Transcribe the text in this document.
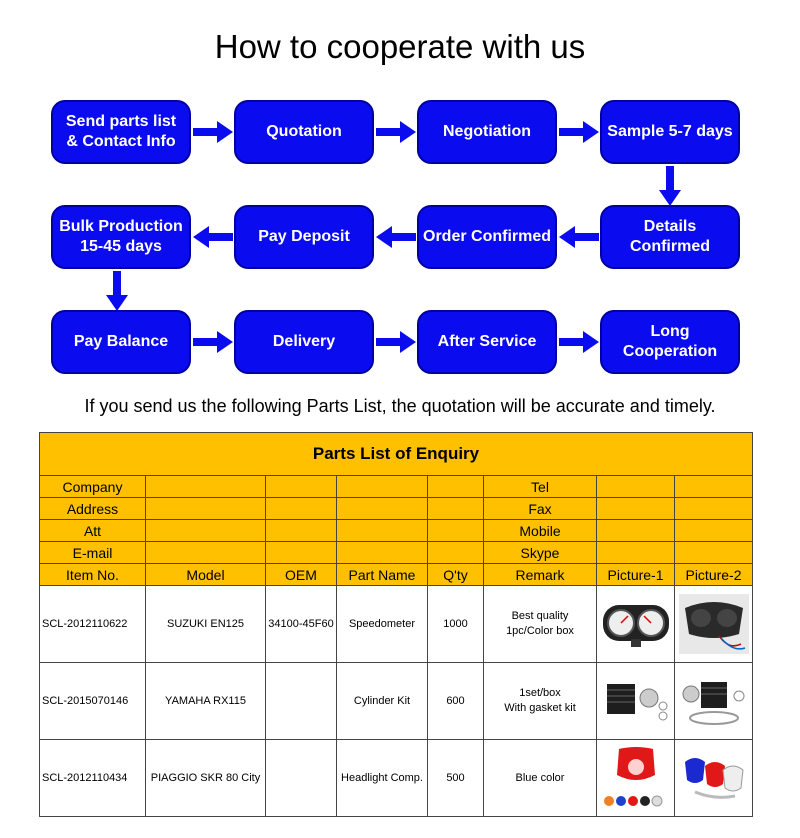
How to cooperate with us
Send parts list
& Contact Info
Quotation	Negotiation	Sample 5-7 days
Details Confirmed
Order Confirmed
Pay Deposit
Bulk Production
15-45 days
Pay Balance	Delivery	After Service
Long Cooperation
If you send us the following Parts List, the quotation will be accurate and timely.
Parts List of Enquiry							
Company					Tel		
Address					Fax		
Att					Mobile		
E-mail					Skype		
Item No.	Model	OEM	Part Name	Q'ty	Remark	Picture-1	Picture-2
SCL-2012110622	SUZUKI EN125	34100-45F60	Speedometer	1000	Best quality
1pc/Color box

SCL-2015070146	YAMAHA RX115		Cylinder Kit	600	1set/box
With gasket kit

SCL-2012110434	PIAGGIO SKR 80 City		Headlight Comp.	500	Blue color
